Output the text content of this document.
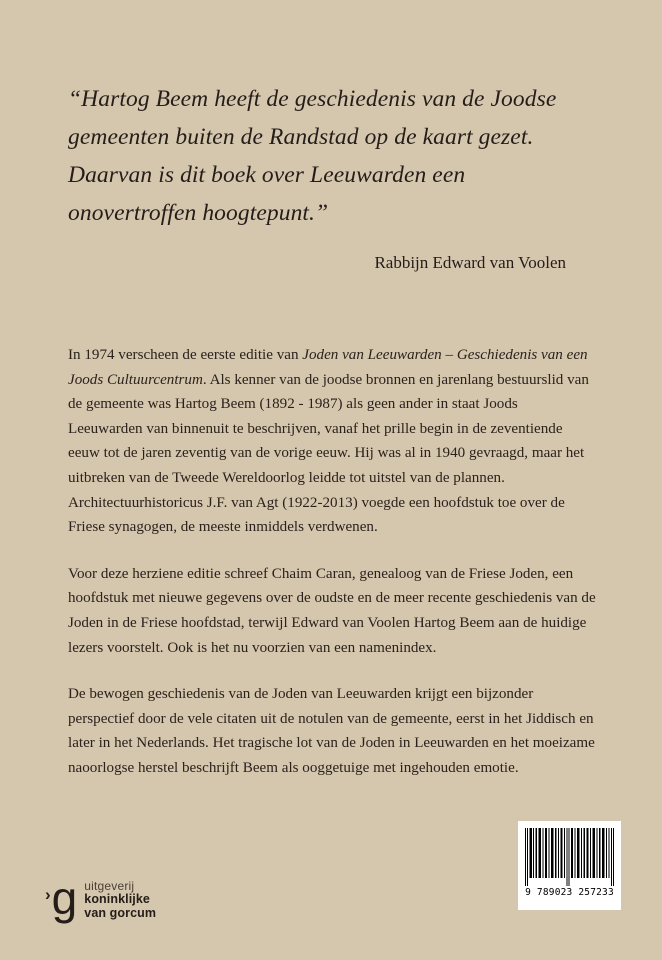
“Hartog Beem heeft de geschiedenis van de Joodse gemeenten buiten de Randstad op de kaart gezet. Daarvan is dit boek over Leeuwarden een onovertroffen hoogtepunt.”

Rabbijn Edward van Voolen

In 1974 verscheen de eerste editie van Joden van Leeuwarden – Geschiedenis van een Joods Cultuurcentrum. Als kenner van de joodse bronnen en jarenlang bestuurslid van de gemeente was Hartog Beem (1892 - 1987) als geen ander in staat Joods Leeuwarden van binnenuit te beschrijven, vanaf het prille begin in de zeventiende eeuw tot de jaren zeventig van de vorige eeuw. Hij was al in 1940 gevraagd, maar het uitbreken van de Tweede Wereldoorlog leidde tot uitstel van de plannen. Architectuurhistoricus J.F. van Agt (1922-2013) voegde een hoofdstuk toe over de Friese synagogen, de meeste inmiddels verdwenen.

Voor deze herziene editie schreef Chaim Caran, genealoog van de Friese Joden, een hoofdstuk met nieuwe gegevens over de oudste en de meer recente geschiedenis van de Joden in de Friese hoofdstad, terwijl Edward van Voolen Hartog Beem aan de huidige lezers voorstelt. Ook is het nu voorzien van een namenindex.

De bewogen geschiedenis van de Joden van Leeuwarden krijgt een bijzonder perspectief door de vele citaten uit de notulen van de gemeente, eerst in het Jiddisch en later in het Nederlands. Het tragische lot van de Joden in Leeuwarden en het moeizame naoorlogse herstel beschrijft Beem als ooggetuige met ingehouden emotie.

› g uitgeverij
koninklijke
van gorcum
9 789023 257233
